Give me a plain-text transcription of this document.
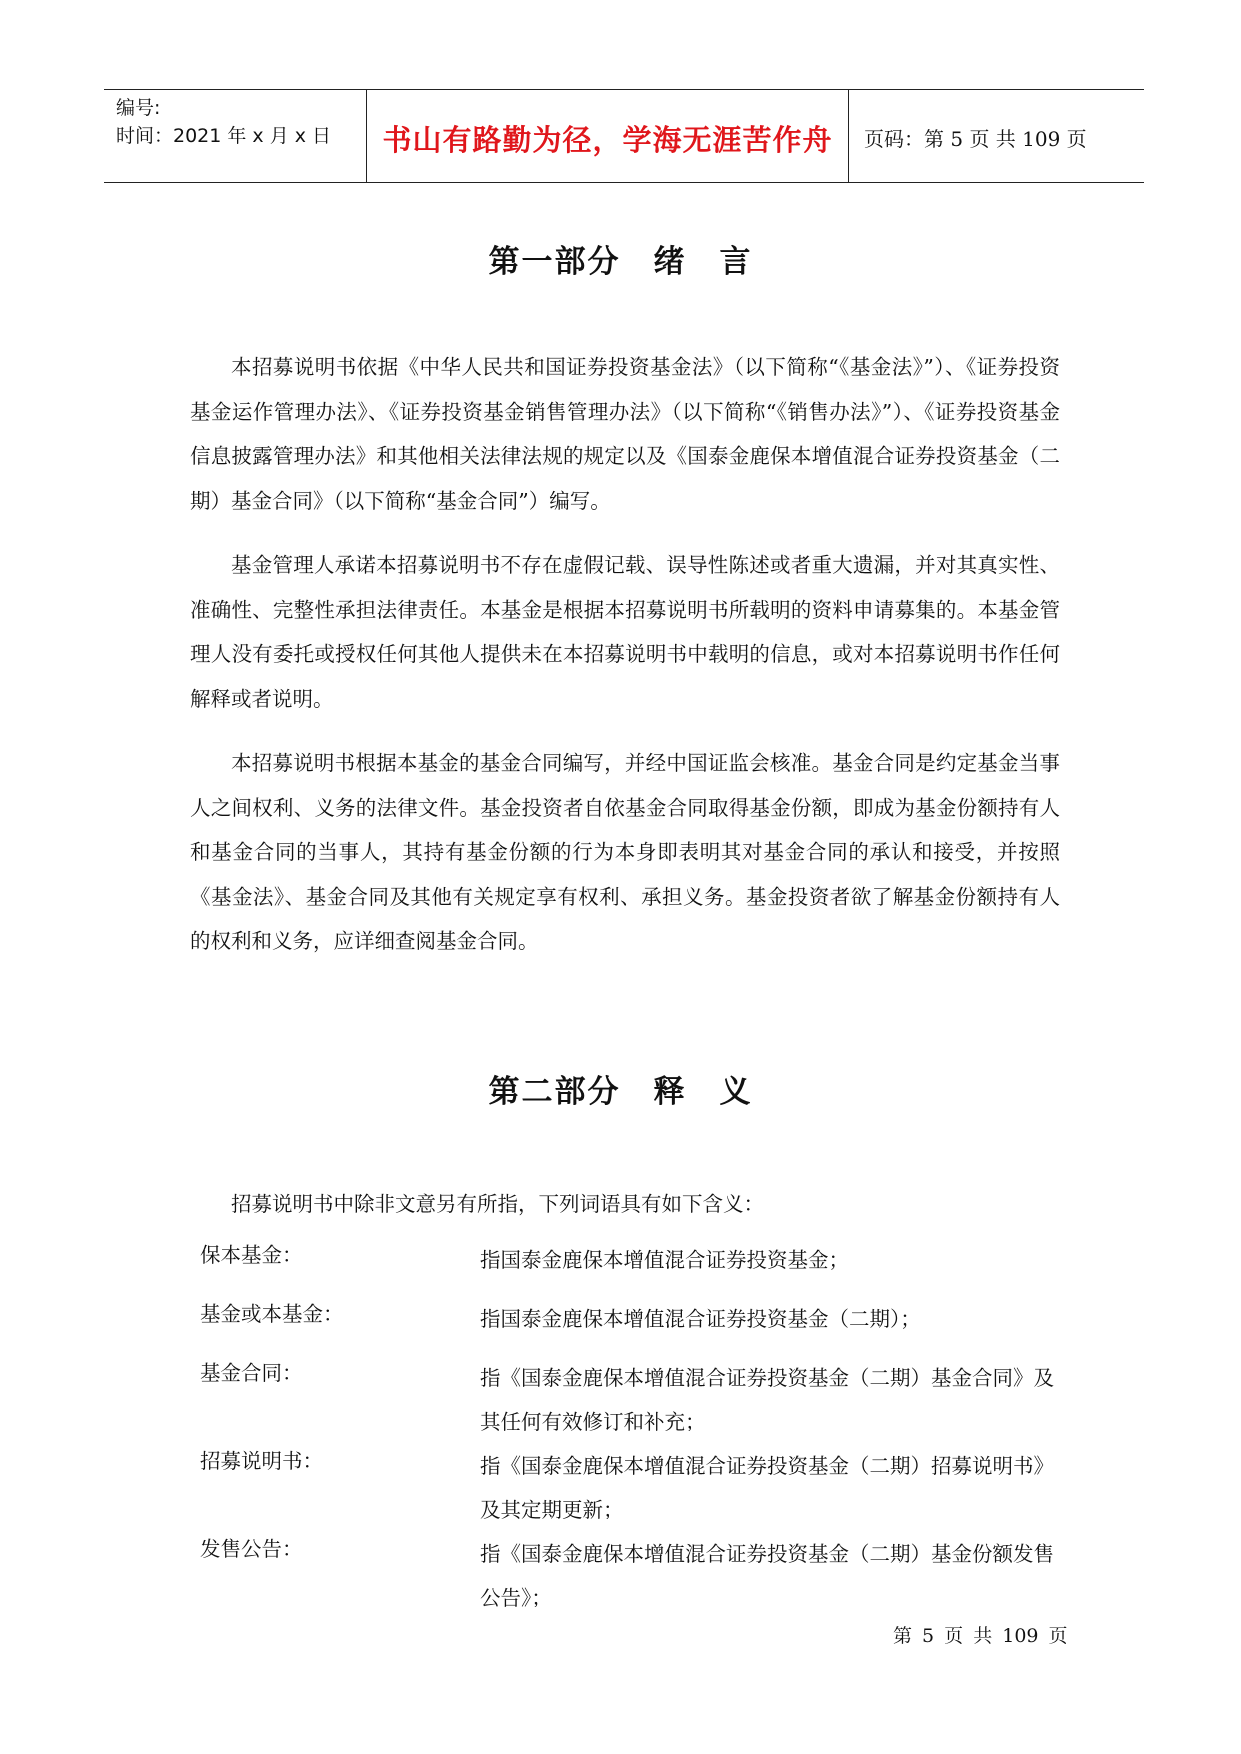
编号:
时间：2021 年 x 月 x 日	书山有路勤为径，学海无涯苦作舟	页码：第 5 页 共 109 页
第一部分　绪　言
本招募说明书依据《中华人民共和国证券投资基金法》（以下简称“《基金法》”）、《证券投资基金运作管理办法》、《证券投资基金销售管理办法》（以下简称“《销售办法》”）、《证券投资基金信息披露管理办法》和其他相关法律法规的规定以及《国泰金鹿保本增值混合证券投资基金（二期）基金合同》（以下简称“基金合同”）编写。
基金管理人承诺本招募说明书不存在虚假记载、误导性陈述或者重大遗漏，并对其真实性、准确性、完整性承担法律责任。本基金是根据本招募说明书所载明的资料申请募集的。本基金管理人没有委托或授权任何其他人提供未在本招募说明书中载明的信息，或对本招募说明书作任何解释或者说明。
本招募说明书根据本基金的基金合同编写，并经中国证监会核准。基金合同是约定基金当事人之间权利、义务的法律文件。基金投资者自依基金合同取得基金份额，即成为基金份额持有人和基金合同的当事人，其持有基金份额的行为本身即表明其对基金合同的承认和接受，并按照《基金法》、基金合同及其他有关规定享有权利、承担义务。基金投资者欲了解基金份额持有人的权利和义务，应详细查阅基金合同。
第二部分　释　义
招募说明书中除非文意另有所指，下列词语具有如下含义：
保本基金：	指国泰金鹿保本增值混合证券投资基金；
基金或本基金：	指国泰金鹿保本增值混合证券投资基金（二期）；
基金合同：	指《国泰金鹿保本增值混合证券投资基金（二期）基金合同》及其任何有效修订和补充；
招募说明书：	指《国泰金鹿保本增值混合证券投资基金（二期）招募说明书》及其定期更新；
发售公告：	指《国泰金鹿保本增值混合证券投资基金（二期）基金份额发售公告》；
第 5 页 共 109 页
